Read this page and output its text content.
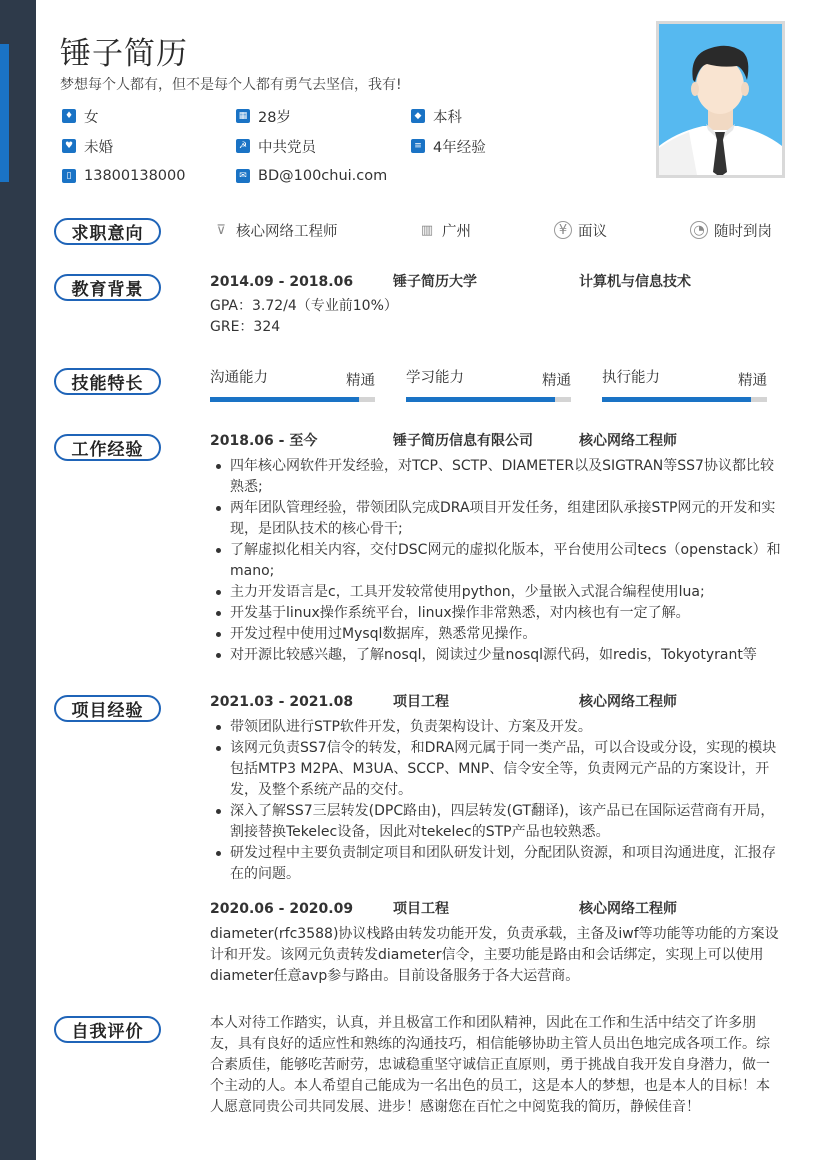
锤子简历
梦想每个人都有，但不是每个人都有勇气去坚信，我有!
♦ 女	▦ 28岁	◆ 本科
♥ 未婚	☭ 中共党员	≡ 4年经验
▯ 13800138000	✉ BD@100chui.com
求职意向	⊽ 核心网络工程师	▥ 广州	¥ 面议	◔ 随时到岗
教育背景	2014.09 - 2018.06	锤子简历大学	计算机与信息技术
GPA：3.72/4（专业前10%）
GRE：324
技能特长	沟通能力	精通 学习能力	精通 执行能力	精通
工作经验	2018.06 - 至今	锤子简历信息有限公司	核心网络工程师
四年核心网软件开发经验，对TCP、SCTP、DIAMETER以及SIGTRAN等SS7协议都比较熟悉;
两年团队管理经验，带领团队完成DRA项目开发任务，组建团队承接STP网元的开发和实现，是团队技术的核心骨干;
了解虚拟化相关内容，交付DSC网元的虚拟化版本，平台使用公司tecs（openstack）和mano;
主力开发语言是c，工具开发较常使用python，少量嵌入式混合编程使用lua;
开发基于linux操作系统平台，linux操作非常熟悉，对内核也有一定了解。
开发过程中使用过Mysql数据库，熟悉常见操作。
对开源比较感兴趣，了解nosql，阅读过少量nosql源代码，如redis，Tokyotyrant等
项目经验	2021.03 - 2021.08	项目工程	核心网络工程师
带领团队进行STP软件开发，负责架构设计、方案及开发。
该网元负责SS7信令的转发，和DRA网元属于同一类产品，可以合设或分设，实现的模块包括MTP3 M2PA、M3UA、SCCP、MNP、信令安全等，负责网元产品的方案设计，开发，及整个系统产品的交付。
深入了解SS7三层转发(DPC路由)，四层转发(GT翻译)，该产品已在国际运营商有开局，割接替换Tekelec设备，因此对tekelec的STP产品也较熟悉。
研发过程中主要负责制定项目和团队研发计划，分配团队资源，和项目沟通进度，汇报存在的问题。
2020.06 - 2020.09	项目工程	核心网络工程师
diameter(rfc3588)协议栈路由转发功能开发，负责承载，主备及iwf等功能等功能的方案设计和开发。该网元负责转发diameter信令，主要功能是路由和会话绑定，实现上可以使用diameter任意avp参与路由。目前设备服务于各大运营商。
自我评价	本人对待工作踏实，认真，并且极富工作和团队精神，因此在工作和生活中结交了许多朋友，具有良好的适应性和熟练的沟通技巧，相信能够协助主管人员出色地完成各项工作。综合素质佳，能够吃苦耐劳，忠诚稳重坚守诚信正直原则，勇于挑战自我开发自身潜力，做一个主动的人。本人希望自己能成为一名出色的员工，这是本人的梦想，也是本人的目标！本人愿意同贵公司共同发展、进步！感谢您在百忙之中阅览我的简历，静候佳音！
